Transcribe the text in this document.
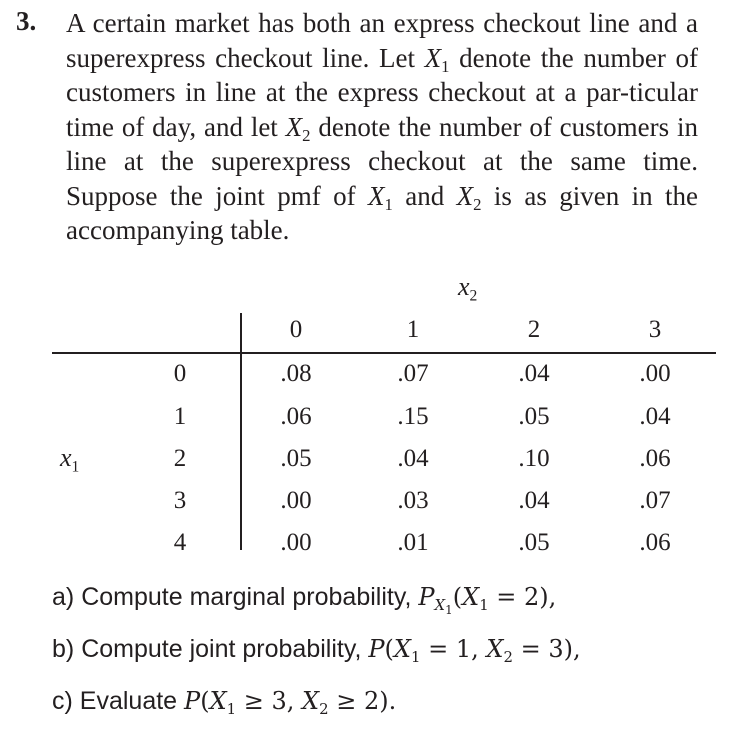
3. A certain market has both an express checkout line and a superexpress checkout line. Let $X_1$ denote the number of customers in line at the express checkout at a par-ticular time of day, and let $X_2$ denote the number of customers in line at the superexpress checkout at the same time. Suppose the joint pmf of $X_1$ and $X_2$ is as given in the accompanying table.

$x_2$
$x_1$
0	1	2	3
0	.08	.07	.04	.00
1	.06	.15	.05	.04
2	.05	.04	.10	.06
3	.00	.03	.04	.07
4	.00	.01	.05	.06
a) Compute marginal probability, $P_{X_1}(X_1 = 2)$,
b) Compute joint probability, $P(X_1 = 1$, $X_2 = 3$),
c) Evaluate $P(X_1 \ge 3$, $X_2 \ge 2$).
